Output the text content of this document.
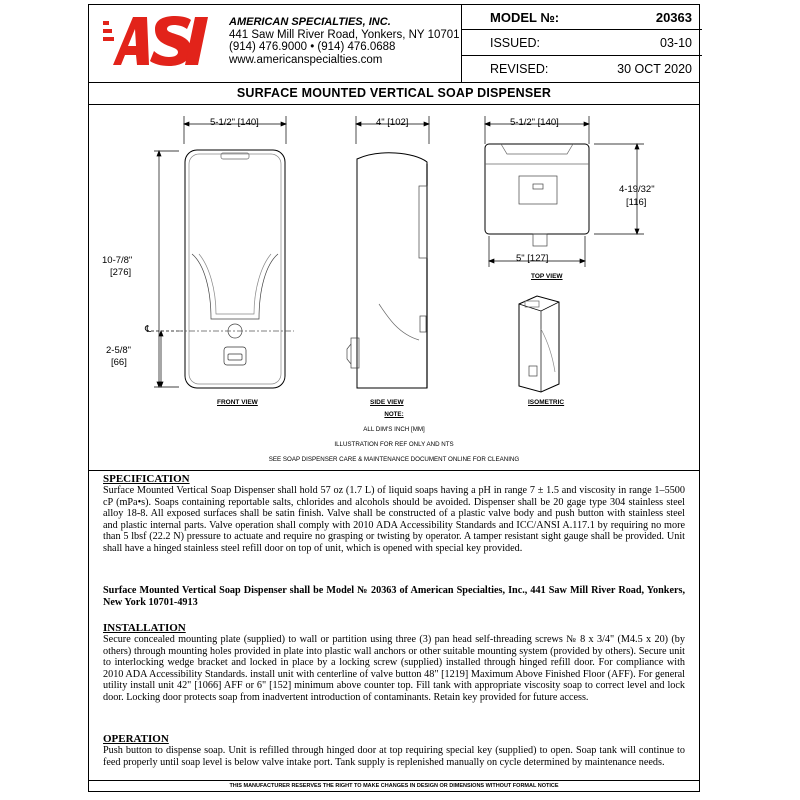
AMERICAN SPECIALTIES, INC.
441 Saw Mill River Road, Yonkers, NY 10701
(914) 476.9000 • (914) 476.0688
www.americanspecialties.com
MODEL №:	20363
ISSUED:	03-10
REVISED:	30 OCT 2020
SURFACE MOUNTED VERTICAL SOAP DISPENSER
5-1/2" [140]	4" [102]	5-1/2" [140]
10-7/8"
[276]
℄
2-5/8"
[66]
4-19/32"
[116]
5" [127]
FRONT VIEW	SIDE VIEW
TOP VIEW
ISOMETRIC
NOTE:
ALL DIM'S INCH [MM]
ILLUSTRATION FOR REF ONLY AND NTS
SEE SOAP DISPENSER CARE & MAINTENANCE DOCUMENT ONLINE FOR CLEANING
SPECIFICATION
Surface Mounted Vertical Soap Dispenser shall hold 57 oz (1.7 L) of liquid soaps having a pH in range 7 ± 1.5 and viscosity in range 1–5500 cP (mPa•s). Soaps containing reportable salts, chlorides and alcohols should be avoided. Dispenser shall be 20 gage type 304 stainless steel alloy 18-8. All exposed surfaces shall be satin finish. Valve shall be constructed of a plastic valve body and push button with stainless steel and plastic internal parts. Valve operation shall comply with 2010 ADA Accessibility Standards and ICC/ANSI A.117.1 by requiring no more than 5 lbsf (22.2 N) pressure to actuate and require no grasping or twisting by operator. A tamper resistant sight gauge shall be provided. Unit shall have a hinged stainless steel refill door on top of unit, which is opened with special key provided.
Surface Mounted Vertical Soap Dispenser shall be Model № 20363 of American Specialties, Inc., 441 Saw Mill River Road, Yonkers, New York 10701-4913
INSTALLATION
Secure concealed mounting plate (supplied) to wall or partition using three (3) pan head self-threading screws № 8 x 3/4" (M4.5 x 20) (by others) through mounting holes provided in plate into plastic wall anchors or other suitable mounting system (provided by others). Secure unit to interlocking wedge bracket and locked in place by a locking screw (supplied) installed through hinged refill door. For compliance with 2010 ADA Accessibility Standards. install unit with centerline of valve button 48" [1219] Maximum Above Finished Floor (AFF). For general utility install unit 42" [1066] AFF or 6" [152] minimum above counter top. Fill tank with appropriate viscosity soap to correct level and lock door. Locking door protects soap from inadvertent introduction of contaminants. Retain key provided for future access.
OPERATION
Push button to dispense soap. Unit is refilled through hinged door at top requiring special key (supplied) to open. Soap tank will continue to feed properly until soap level is below valve intake port. Tank supply is replenished manually on cycle determined by maintenance needs.
THIS MANUFACTURER RESERVES THE RIGHT TO MAKE CHANGES IN DESIGN OR DIMENSIONS WITHOUT FORMAL NOTICE
